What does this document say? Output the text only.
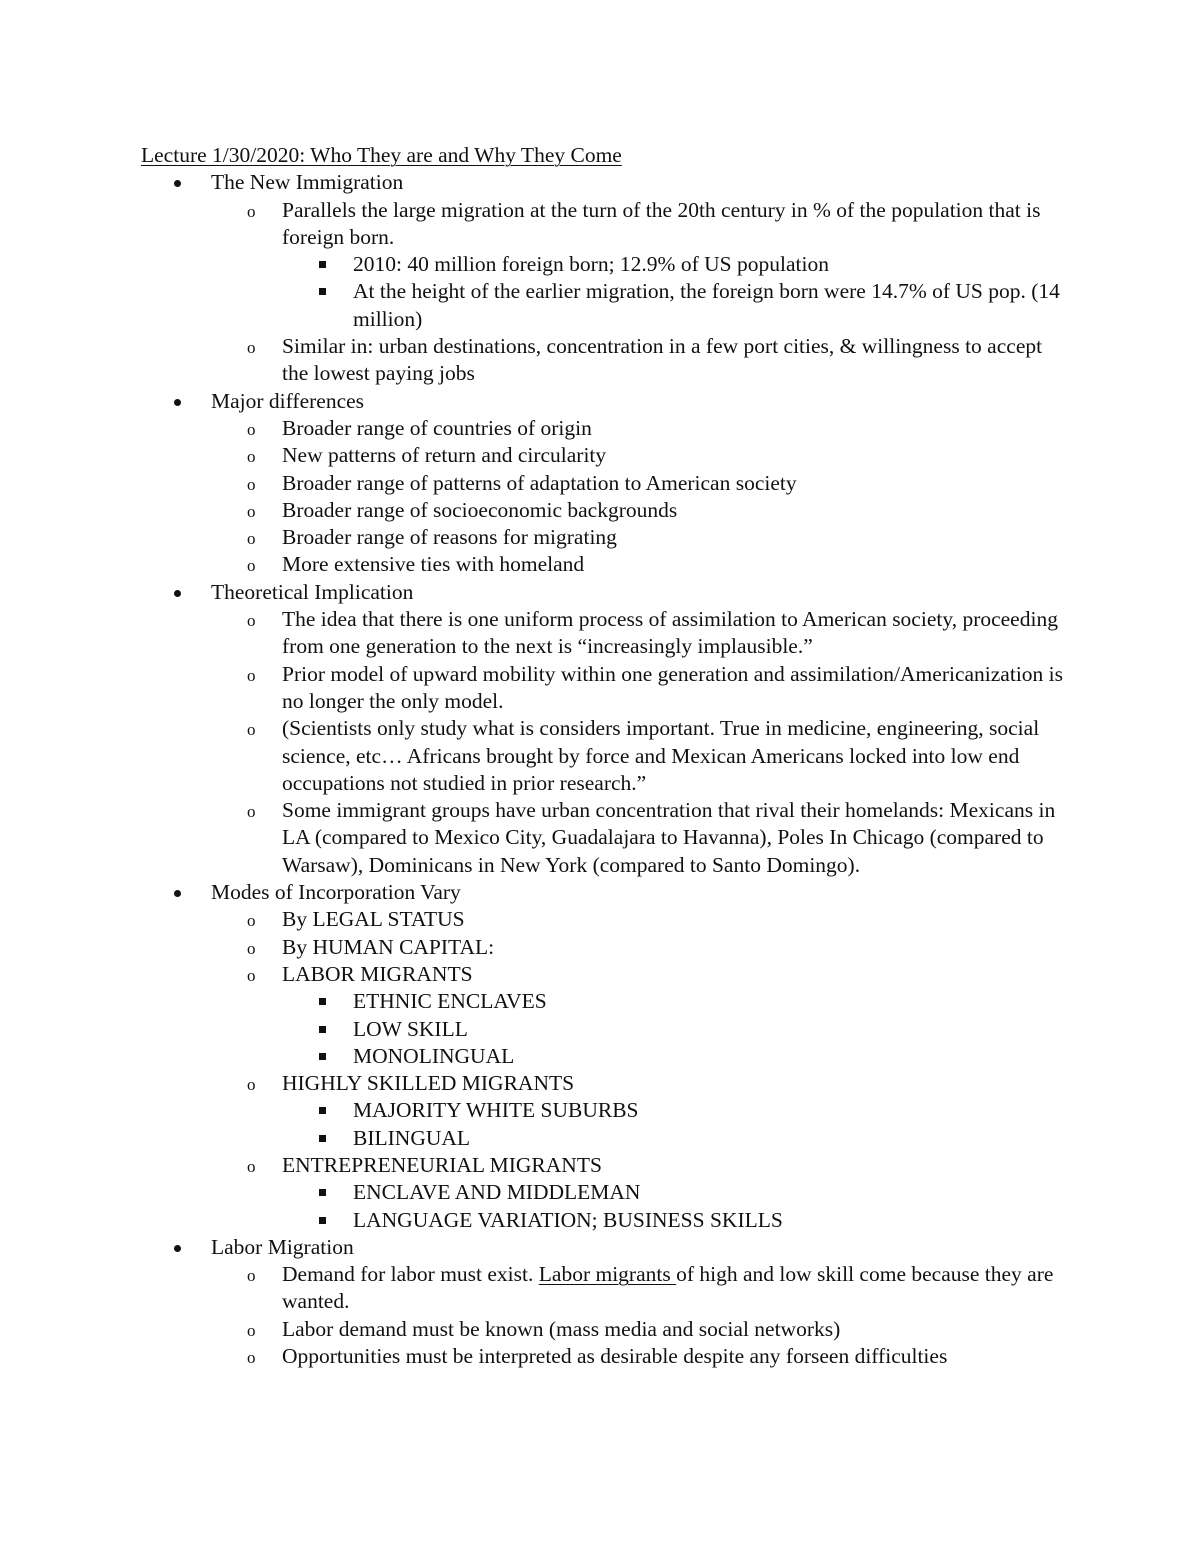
Lecture 1/30/2020: Who They are and Why They Come
The New Immigration
o Parallels the large migration at the turn of the 20th century in % of the population that is foreign born.
2010: 40 million foreign born; 12.9% of US population
At the height of the earlier migration, the foreign born were 14.7% of US pop. (14 million)
o Similar in: urban destinations, concentration in a few port cities, & willingness to accept the lowest paying jobs
Major differences
o Broader range of countries of origin
o New patterns of return and circularity
o Broader range of patterns of adaptation to American society
o Broader range of socioeconomic backgrounds
o Broader range of reasons for migrating
o More extensive ties with homeland
Theoretical Implication
o The idea that there is one uniform process of assimilation to American society, proceeding from one generation to the next is “increasingly implausible.”
o Prior model of upward mobility within one generation and assimilation/Americanization is no longer the only model.
o (Scientists only study what is considers important. True in medicine, engineering, social science, etc… Africans brought by force and Mexican Americans locked into low end occupations not studied in prior research.”
o Some immigrant groups have urban concentration that rival their homelands: Mexicans in LA (compared to Mexico City, Guadalajara to Havanna), Poles In Chicago (compared to Warsaw), Dominicans in New York (compared to Santo Domingo).
Modes of Incorporation Vary
o By LEGAL STATUS
o By HUMAN CAPITAL:
o LABOR MIGRANTS
ETHNIC ENCLAVES
LOW SKILL
MONOLINGUAL
o HIGHLY SKILLED MIGRANTS
MAJORITY WHITE SUBURBS
BILINGUAL
o ENTREPRENEURIAL MIGRANTS
ENCLAVE AND MIDDLEMAN
LANGUAGE VARIATION; BUSINESS SKILLS
Labor Migration
o Demand for labor must exist. Labor migrants of high and low skill come because they are wanted.
o Labor demand must be known (mass media and social networks)
o Opportunities must be interpreted as desirable despite any forseen difficulties
